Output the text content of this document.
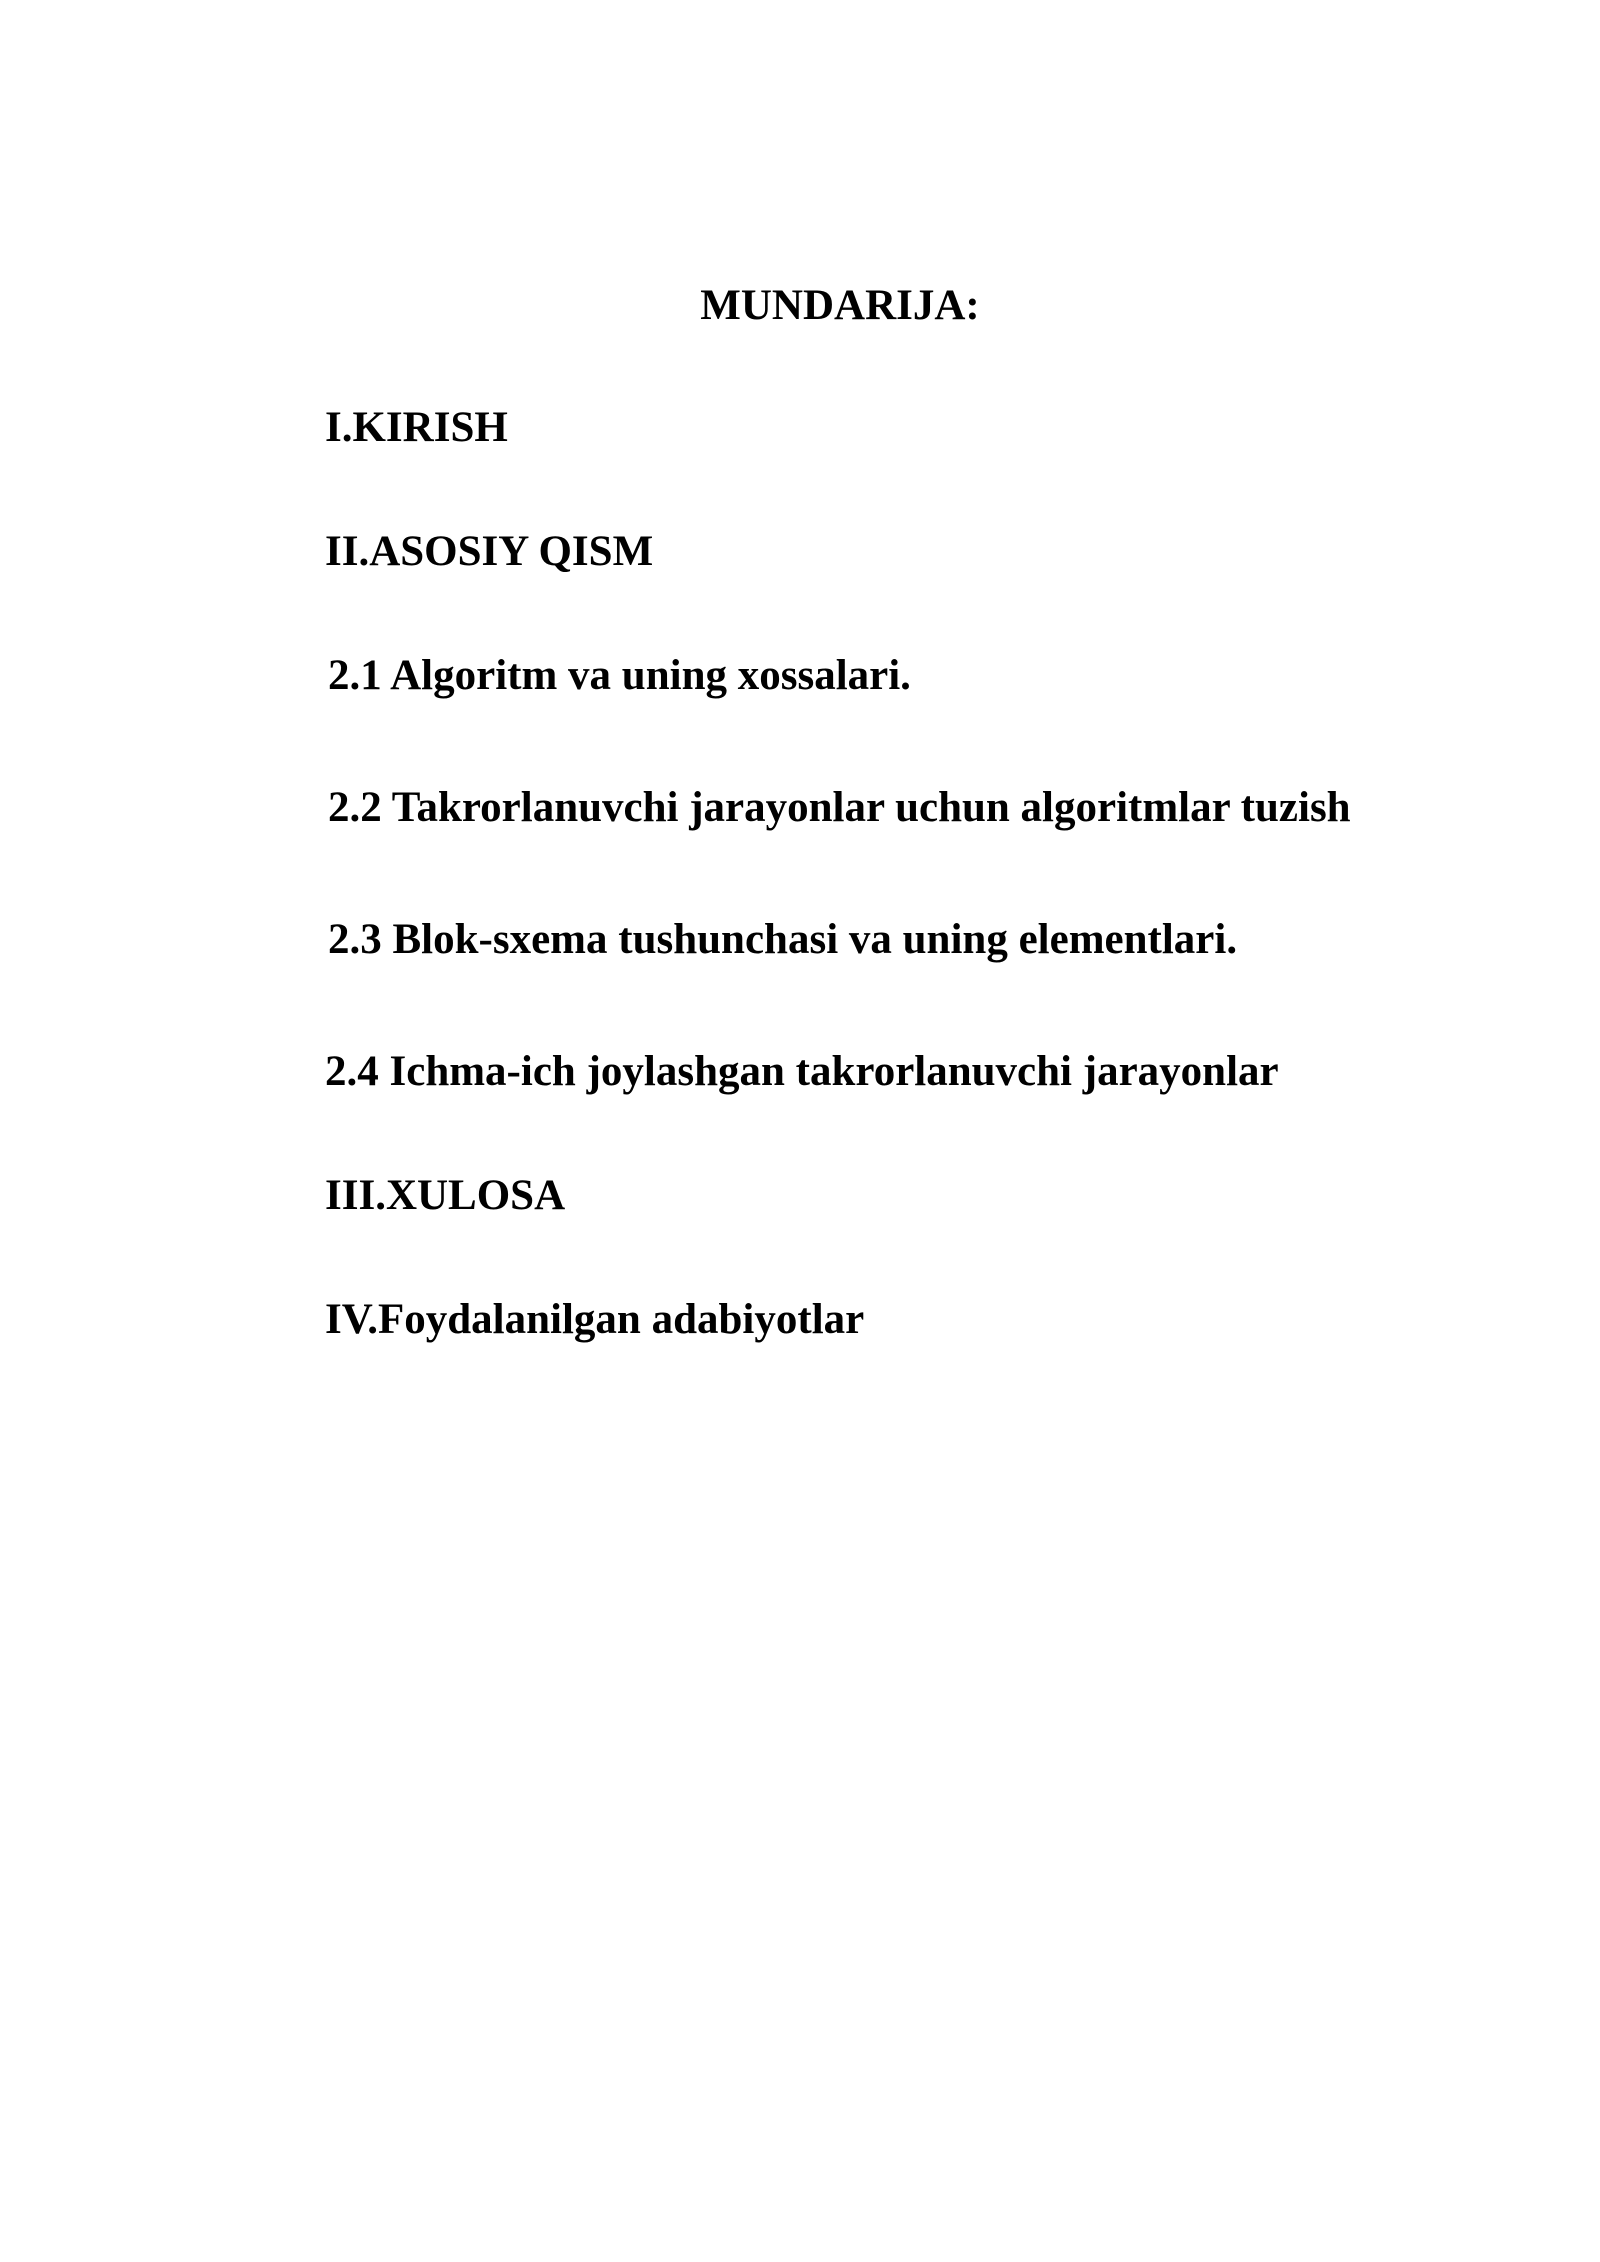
MUNDARIJA:
I.KIRISH
II.ASOSIY QISM
2.1 Algoritm va uning xossalari.
2.2 Takrorlanuvchi jarayonlar uchun algoritmlar tuzish
2.3 Blok-sxema tushunchasi va uning elementlari.
2.4 Ichma-ich joylashgan takrorlanuvchi jarayonlar
III.XULOSA
IV.Foydalanilgan adabiyotlar
